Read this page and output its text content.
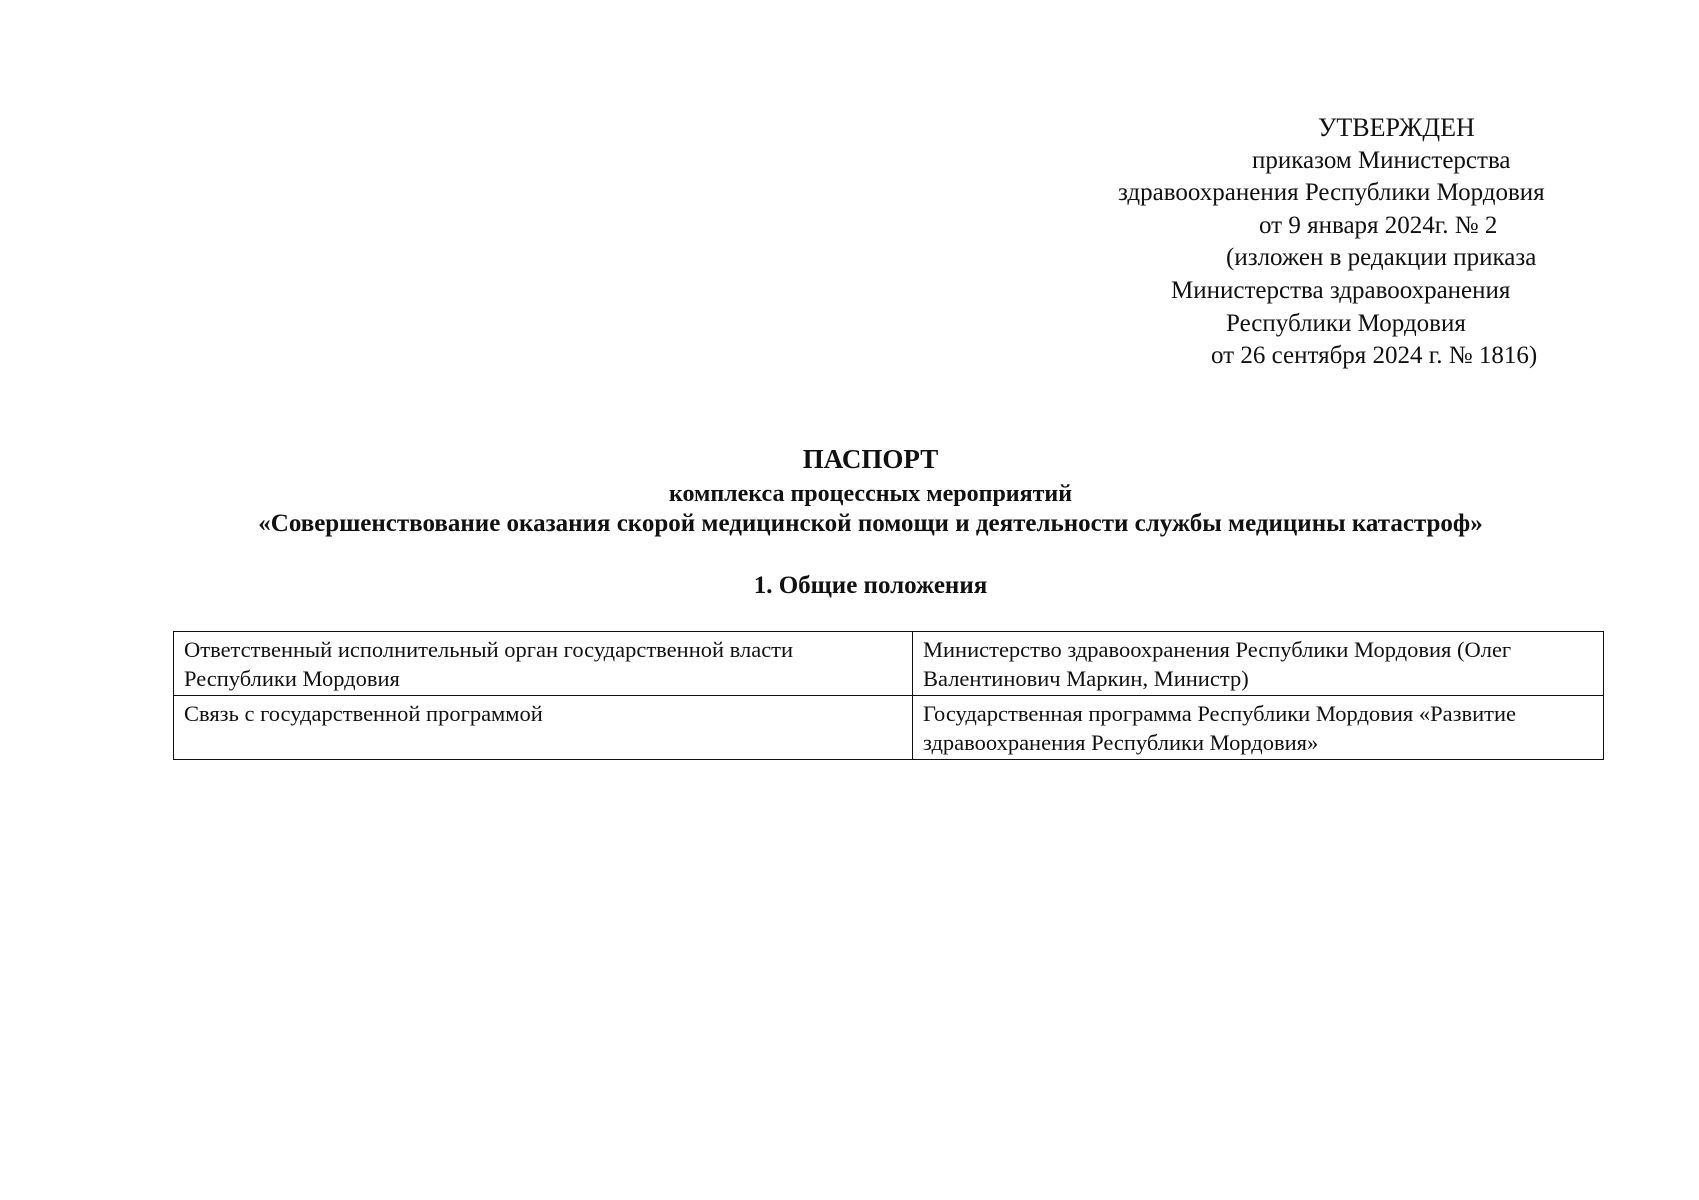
УТВЕРЖДЕН
приказом Министерства
здравоохранения Республики Мордовия
от 9 января 2024г. № 2
(изложен в редакции приказа
Министерства здравоохранения
Республики Мордовия
от 26 сентября 2024 г. № 1816)
ПАСПОРТ
комплекса процессных мероприятий
«Совершенствование оказания скорой медицинской помощи и деятельности службы медицины катастроф»
1. Общие положения
Ответственный исполнительный орган государственной власти Республики Мордовия	Министерство здравоохранения Республики Мордовия (Олег Валентинович Маркин, Министр)
Связь с государственной программой	Государственная программа Республики Мордовия «Развитие здравоохранения Республики Мордовия»
